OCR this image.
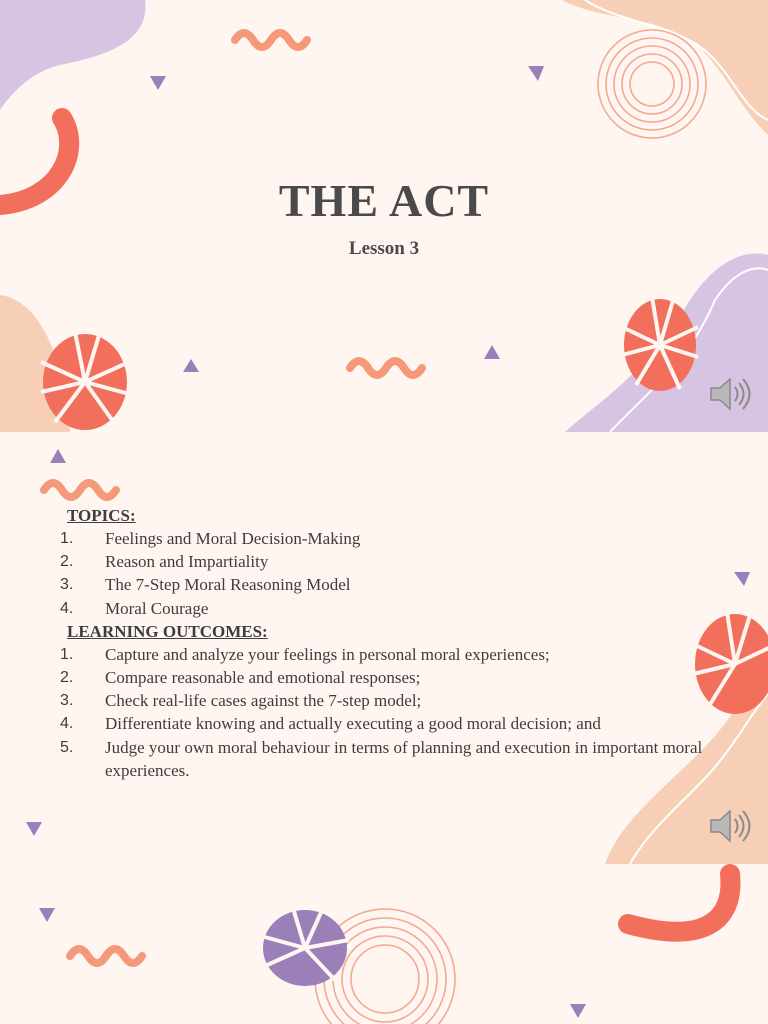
THE ACT

Lesson 3

TOPICS:

1.	Feelings and Moral Decision-Making
2.	Reason and Impartiality
3.	The 7-Step Moral Reasoning Model
4.	Moral Courage

LEARNING OUTCOMES:

1.	Capture and analyze your feelings in personal moral experiences;
2.	Compare reasonable and emotional responses;
3.	Check real-life cases against the 7-step model;
4.	Differentiate knowing and actually executing a good moral decision; and
5.	Judge your own moral behaviour in terms of planning and execution in important moral experiences.
